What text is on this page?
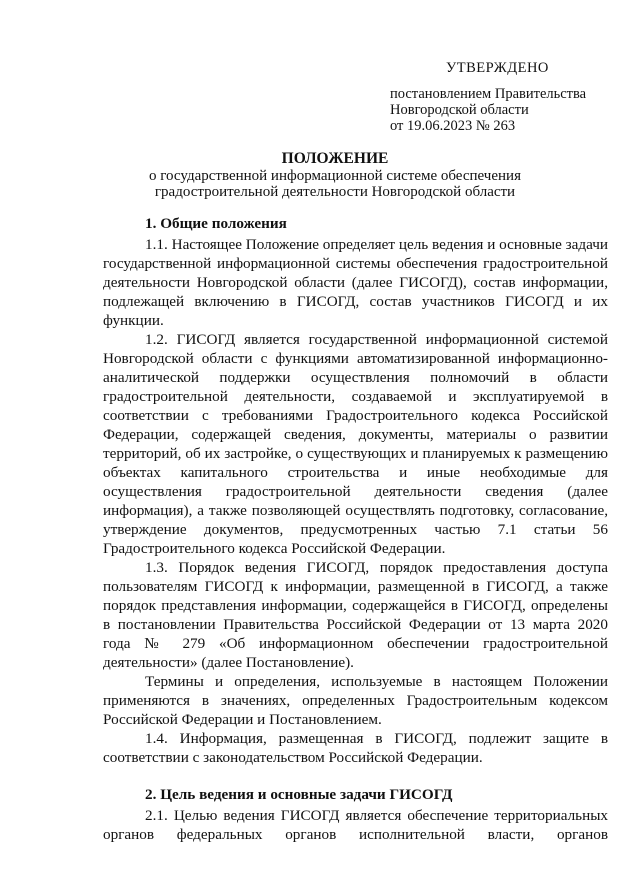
УТВЕРЖДЕНО
постановлением Правительства
Новгородской области
от 19.06.2023 № 263
ПОЛОЖЕНИЕ
о государственной информационной системе обеспечения
градостроительной деятельности Новгородской области

1. Общие положения

1.1. Настоящее Положение определяет цель ведения и основные задачи государственной информационной системы обеспечения градостроительной деятельности Новгородской области (далее ГИСОГД), состав информации, подлежащей включению в ГИСОГД, состав участников ГИСОГД и их функции.

1.2. ГИСОГД является государственной информационной системой Новгородской области с функциями автоматизированной информационно-аналитической поддержки осуществления полномочий в области градостроительной деятельности, создаваемой и эксплуатируемой в соответствии с требованиями Градостроительного кодекса Российской Федерации, содержащей сведения, документы, материалы о развитии территорий, об их застройке, о существующих и планируемых к размещению объектах капитального строительства и иные необходимые для осуществления градостроительной деятельности сведения (далее информация), а также позволяющей осуществлять подготовку, согласование, утверждение документов, предусмотренных частью 7.1 статьи 56 Градостроительного кодекса Российской Федерации.

1.3. Порядок ведения ГИСОГД, порядок предоставления доступа пользователям ГИСОГД к информации, размещенной в ГИСОГД, а также порядок представления информации, содержащейся в ГИСОГД, определены в постановлении Правительства Российской Федерации от 13 марта 2020 года № 279 «Об информационном обеспечении градостроительной деятельности» (далее Постановление).

Термины и определения, используемые в настоящем Положении применяются в значениях, определенных Градостроительным кодексом Российской Федерации и Постановлением.

1.4. Информация, размещенная в ГИСОГД, подлежит защите в соответствии с законодательством Российской Федерации.

2. Цель ведения и основные задачи ГИСОГД

2.1. Целью ведения ГИСОГД является обеспечение территориальных органов федеральных органов исполнительной власти, органов
